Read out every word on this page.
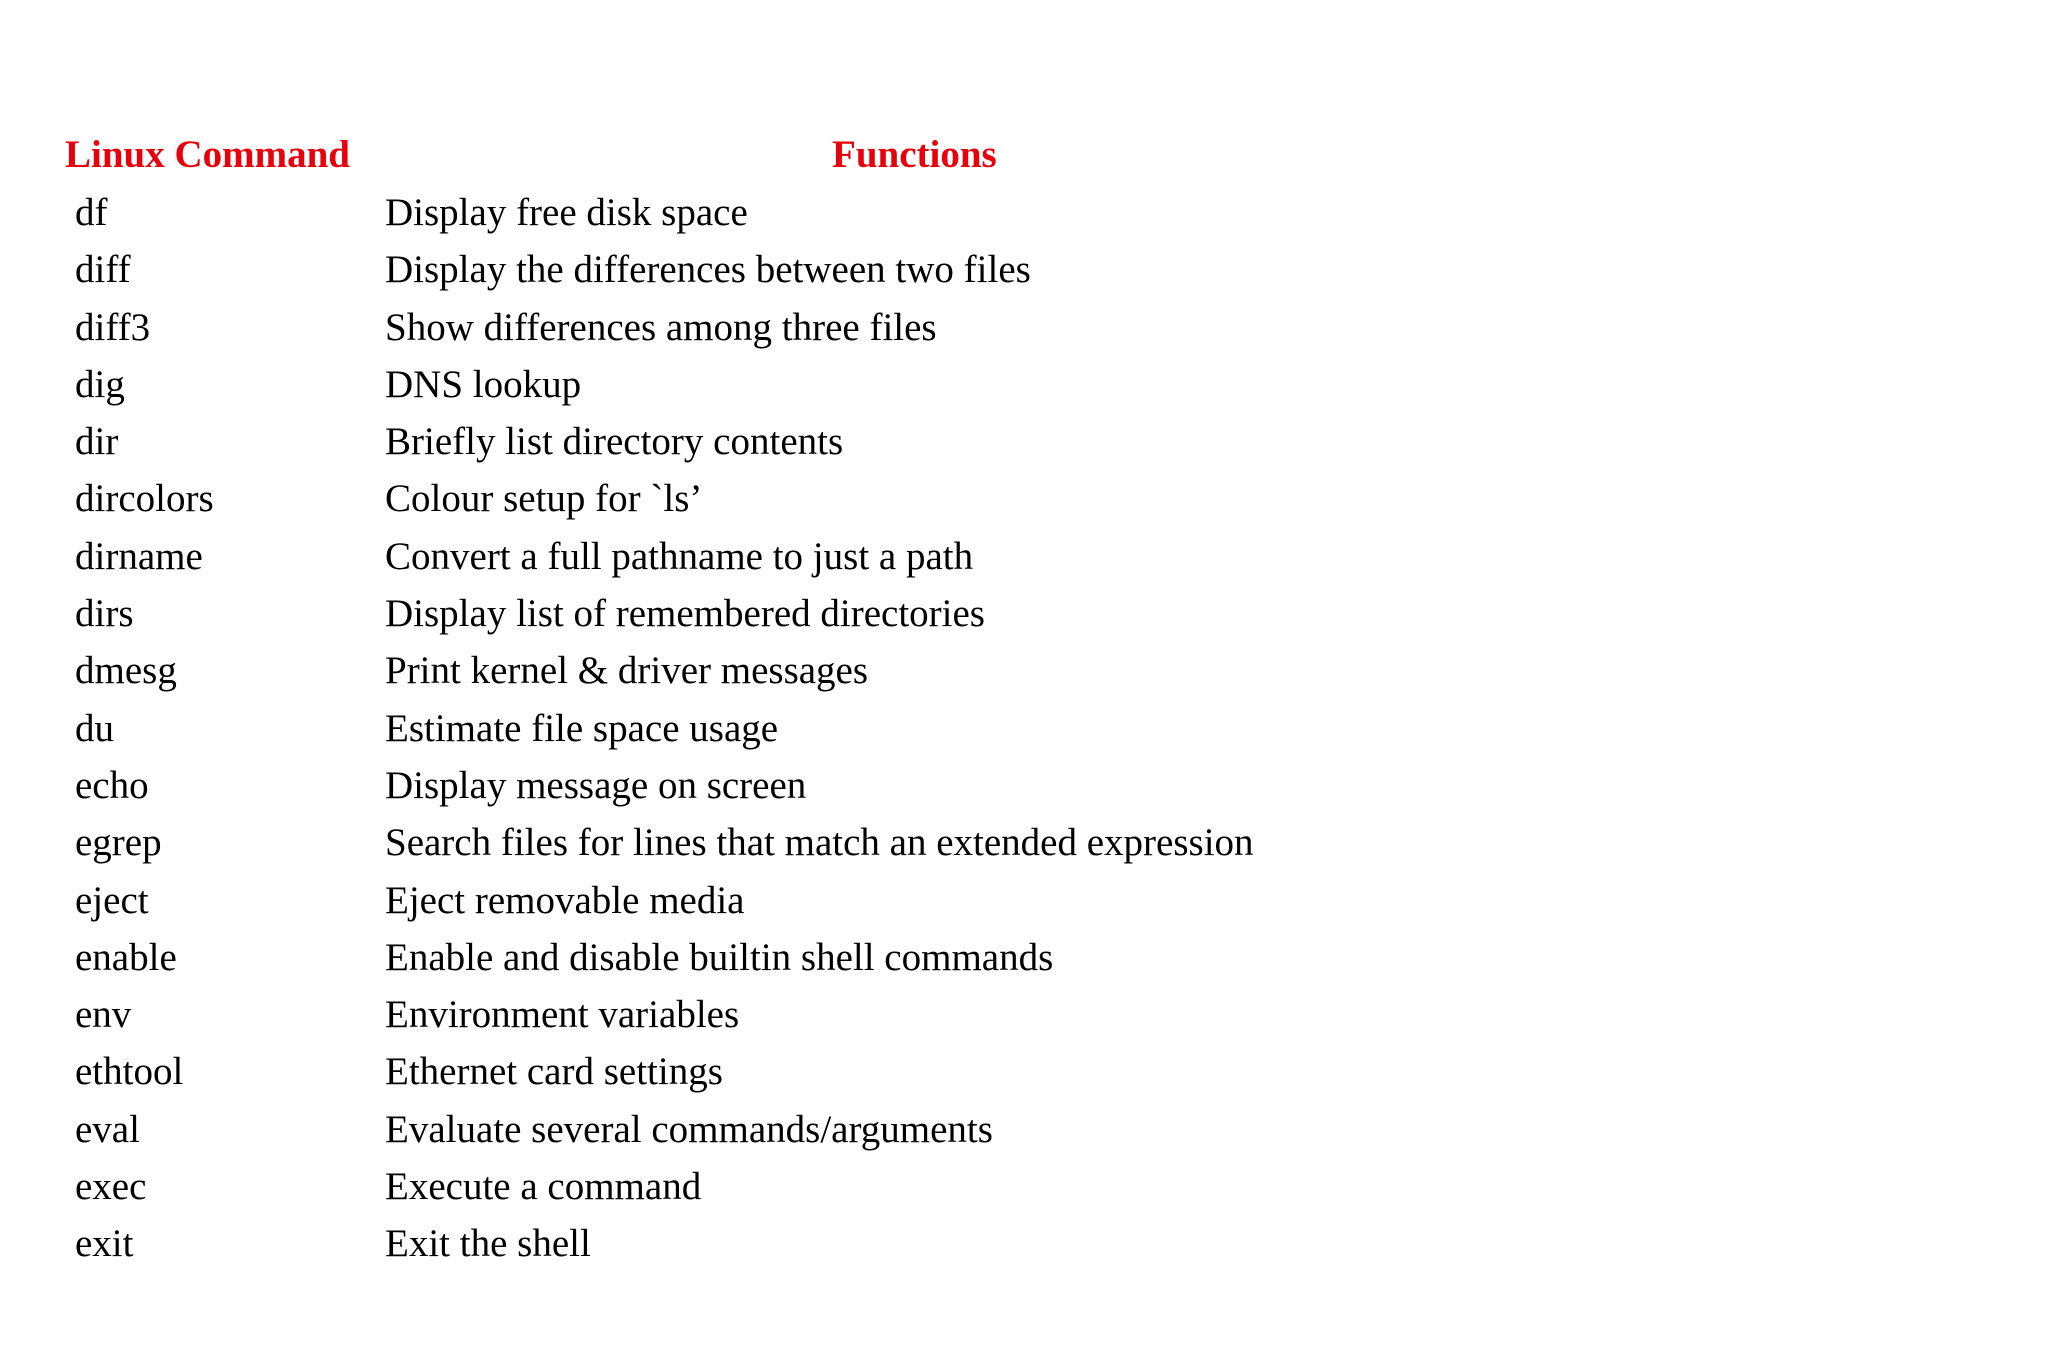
Linux Command	Functions
df	Display free disk space
diff	Display the differences between two files
diff3	Show differences among three files
dig	DNS lookup
dir	Briefly list directory contents
dircolors	Colour setup for `ls’
dirname	Convert a full pathname to just a path
dirs	Display list of remembered directories
dmesg	Print kernel & driver messages
du	Estimate file space usage
echo	Display message on screen
egrep	Search files for lines that match an extended expression
eject	Eject removable media
enable	Enable and disable builtin shell commands
env	Environment variables
ethtool	Ethernet card settings
eval	Evaluate several commands/arguments
exec	Execute a command
exit	Exit the shell
